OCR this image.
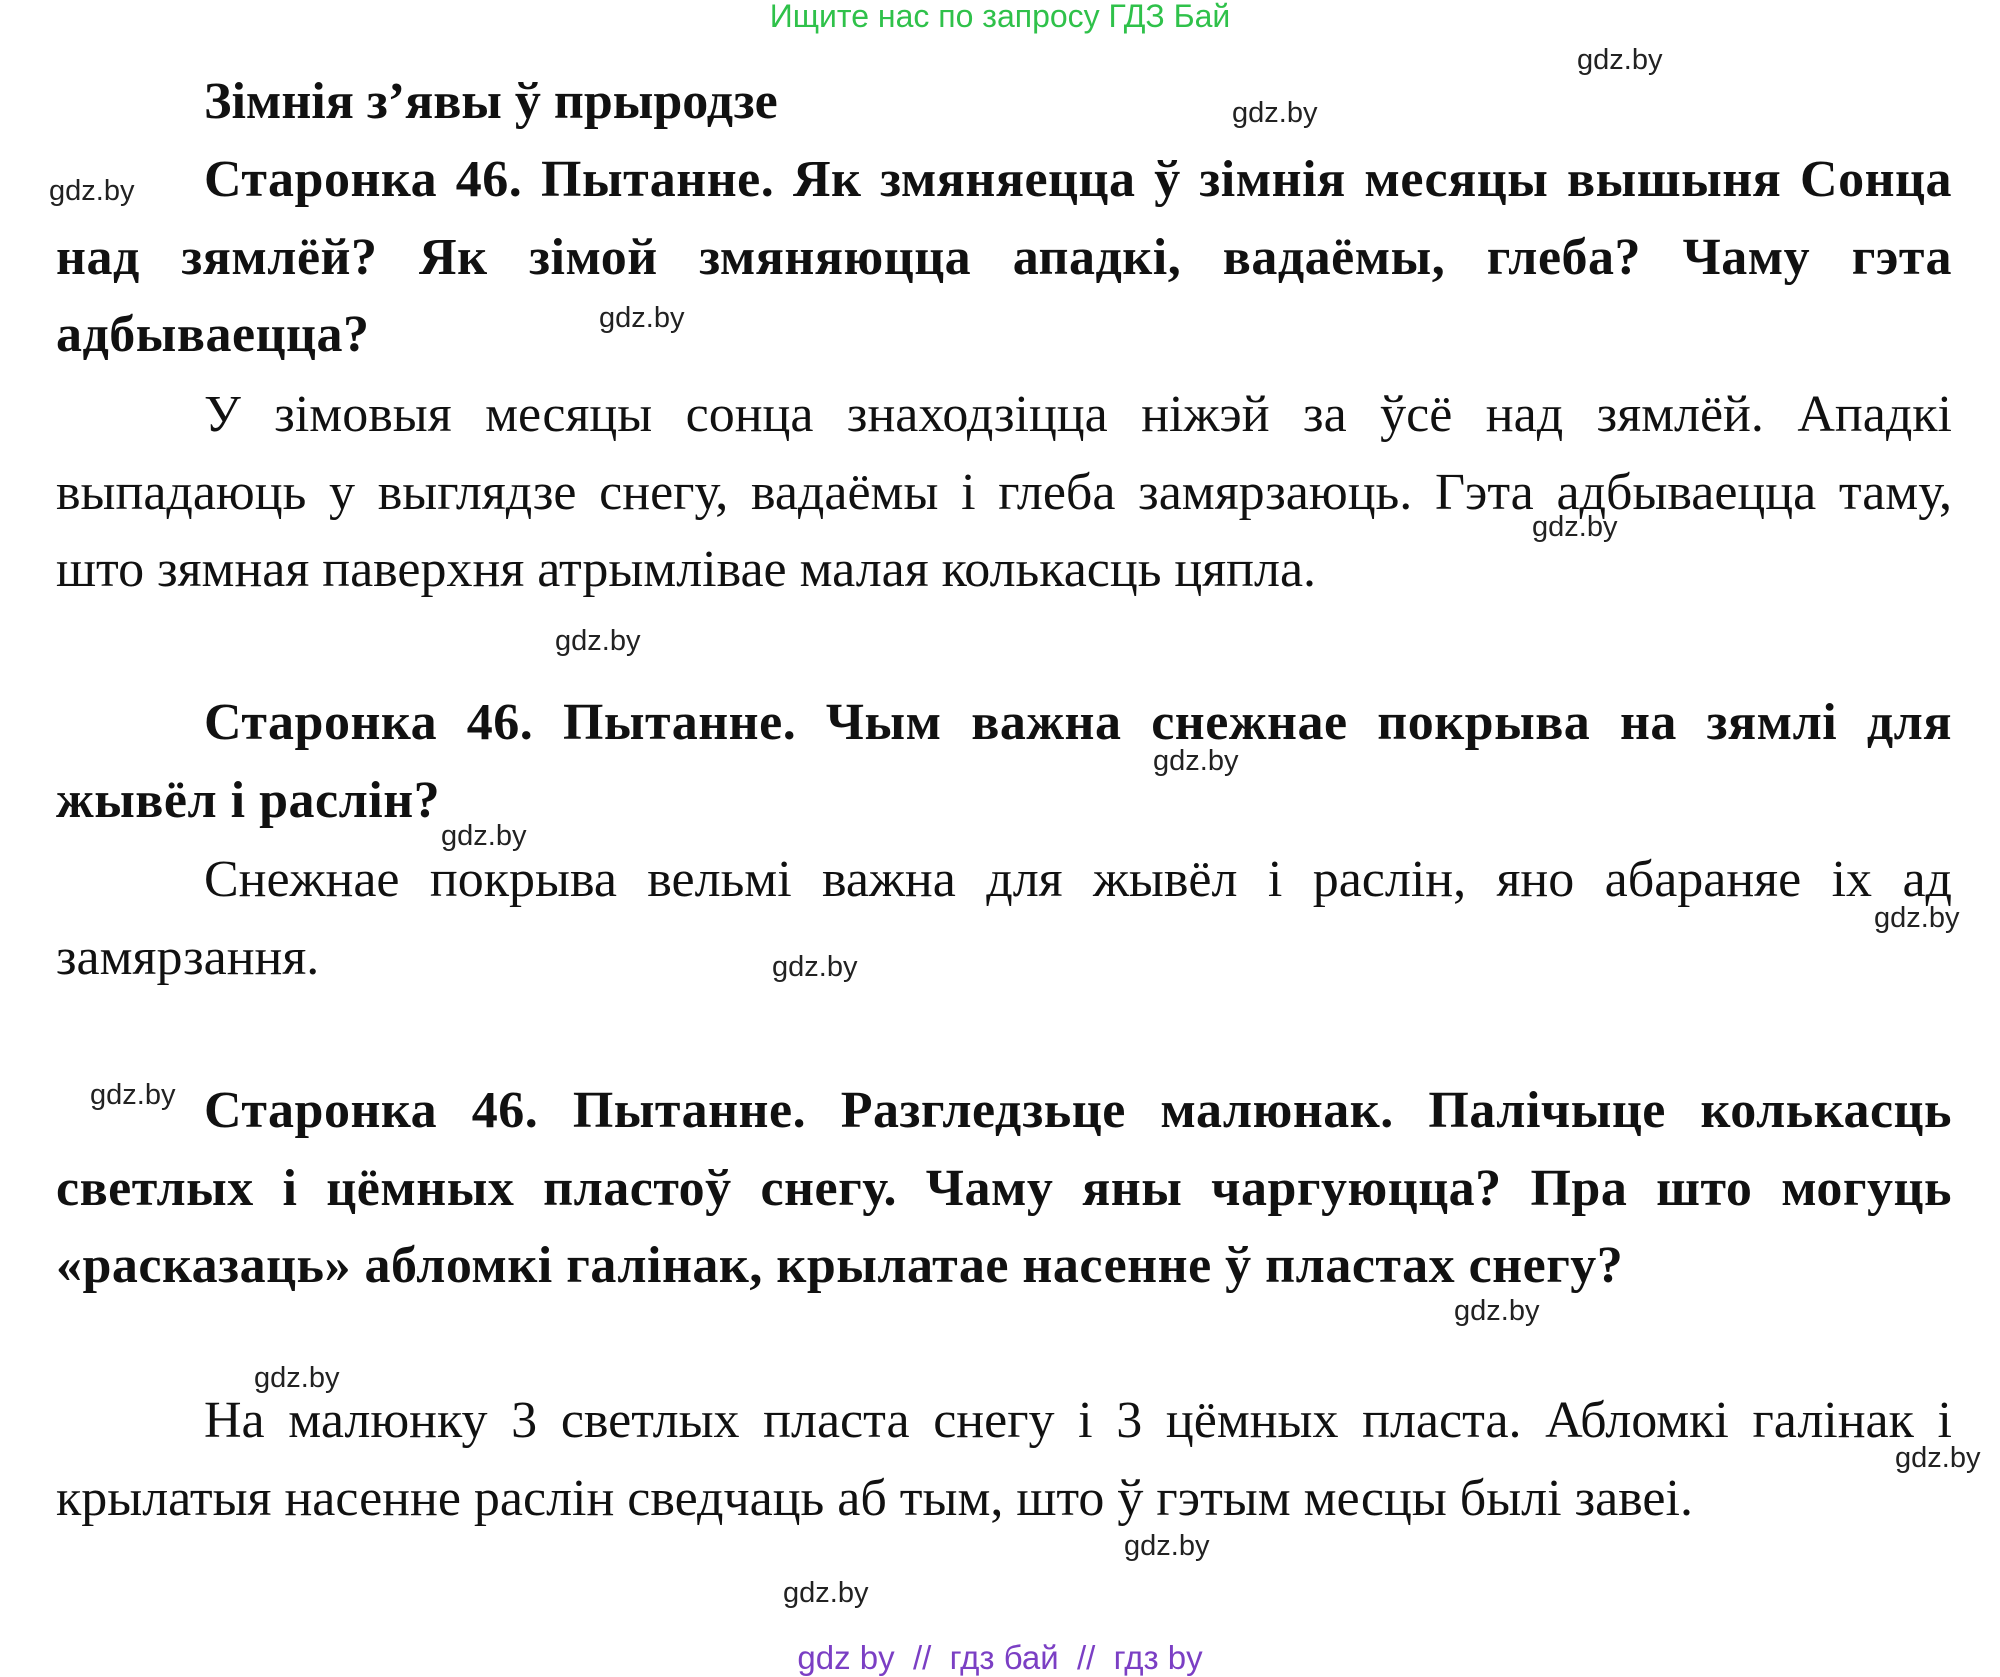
Ищите нас по запросу ГДЗ Бай
Зімнія з’явы ў прыродзе

Старонка 46. Пытанне. Як змяняецца ў зімнія месяцы вышыня Сонца над зямлёй? Як зімой змяняюцца ападкі, вадаёмы, глеба? Чаму гэта адбываецца?

У зімовыя месяцы сонца знаходзіцца ніжэй за ўсё над зямлёй. Ападкі выпадаюць у выглядзе снегу, вадаёмы і глеба замярзаюць. Гэта адбываецца таму, што зямная паверхня атрымлівае малая колькасць цяпла.

Старонка 46. Пытанне. Чым важна снежнае покрыва на зямлі для жывёл і раслін?

Снежнае покрыва вельмі важна для жывёл і раслін, яно абараняе іх ад замярзання.

Старонка 46. Пытанне. Разгледзьце малюнак. Палічыце колькасць светлых і цёмных пластоў снегу. Чаму яны чаргуюцца? Пра што могуць «расказаць» абломкі галінак, крылатае насенне ў пластах снегу?

На малюнку 3 светлых пласта снегу і 3 цёмных пласта. Абломкі галінак і крылатыя насенне раслін сведчаць аб тым, што ў гэтым месцы былі завеі.

gdz.by
gdz.by
gdz.by
gdz.by
gdz.by
gdz.by
gdz.by
gdz.by
gdz.by
gdz.by
gdz.by
gdz.by
gdz.by
gdz.by
gdz.by
gdz.by
gdz by  //  гдз бай  //  гдз by
